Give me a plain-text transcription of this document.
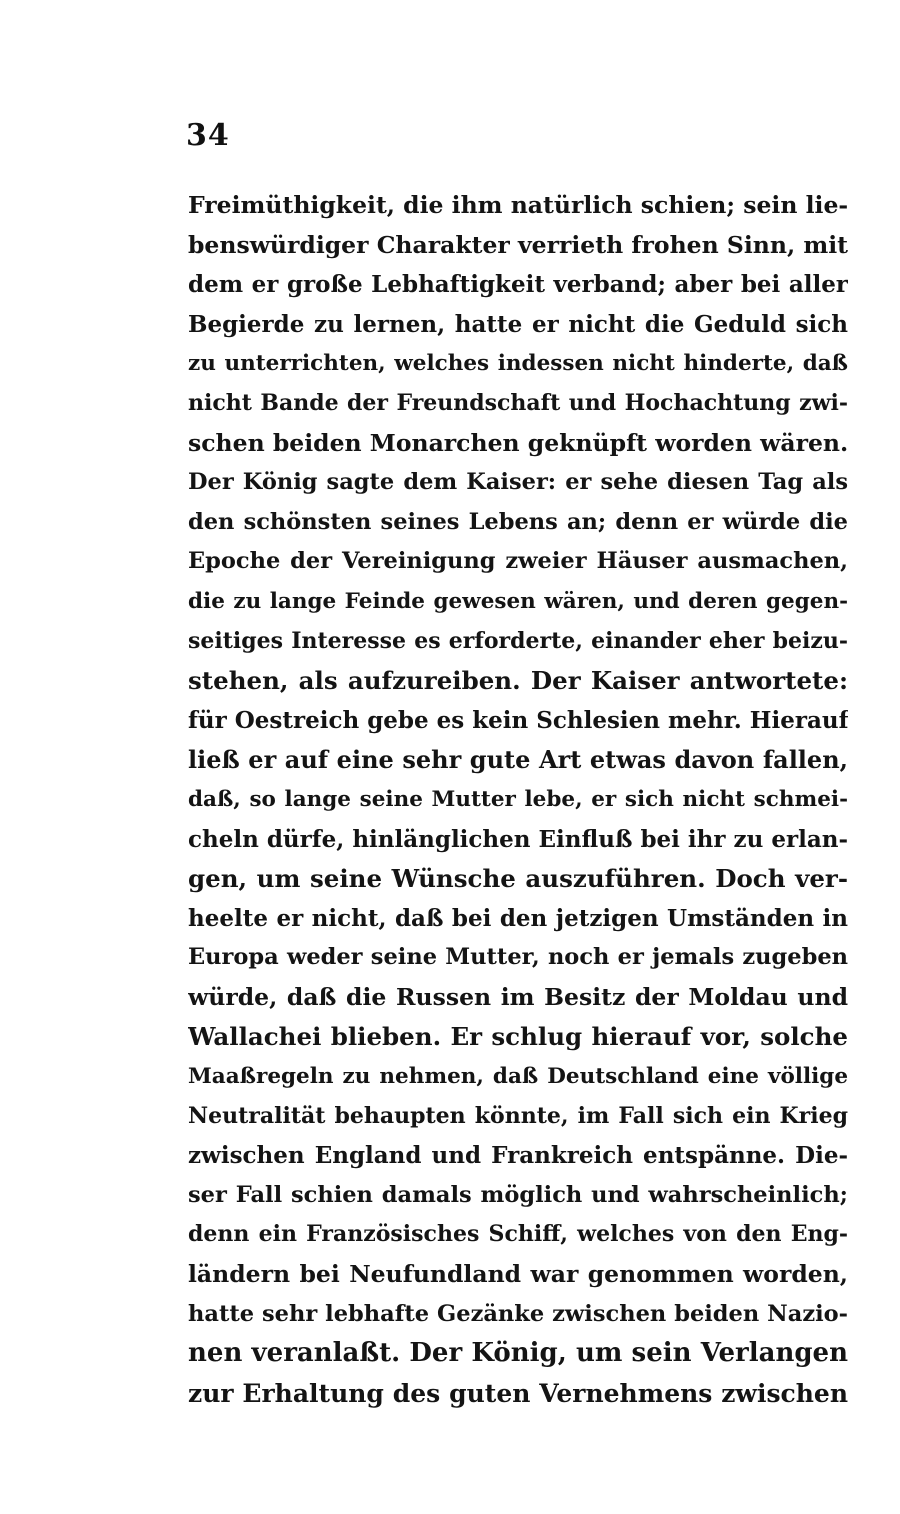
34
Freimüthigkeit, die ihm natürlich schien; sein lie-
benswürdiger Charakter verrieth frohen Sinn, mit
dem er große Lebhaftigkeit verband; aber bei aller
Begierde zu lernen, hatte er nicht die Geduld sich
zu unterrichten, welches indessen nicht hinderte, daß
nicht Bande der Freundschaft und Hochachtung zwi-
schen beiden Monarchen geknüpft worden wären.
Der König sagte dem Kaiser: er sehe diesen Tag als
den schönsten seines Lebens an; denn er würde die
Epoche der Vereinigung zweier Häuser ausmachen,
die zu lange Feinde gewesen wären, und deren gegen-
seitiges Interesse es erforderte, einander eher beizu-
stehen, als aufzureiben. Der Kaiser antwortete:
für Oestreich gebe es kein Schlesien mehr. Hierauf
ließ er auf eine sehr gute Art etwas davon fallen,
daß, so lange seine Mutter lebe, er sich nicht schmei-
cheln dürfe, hinlänglichen Einfluß bei ihr zu erlan-
gen, um seine Wünsche auszuführen. Doch ver-
heelte er nicht, daß bei den jetzigen Umständen in
Europa weder seine Mutter, noch er jemals zugeben
würde, daß die Russen im Besitz der Moldau und
Wallachei blieben. Er schlug hierauf vor, solche
Maaßregeln zu nehmen, daß Deutschland eine völlige
Neutralität behaupten könnte, im Fall sich ein Krieg
zwischen England und Frankreich entspänne. Die-
ser Fall schien damals möglich und wahrscheinlich;
denn ein Französisches Schiff, welches von den Eng-
ländern bei Neufundland war genommen worden,
hatte sehr lebhafte Gezänke zwischen beiden Nazio-
nen veranlaßt. Der König, um sein Verlangen
zur Erhaltung des guten Vernehmens zwischen
